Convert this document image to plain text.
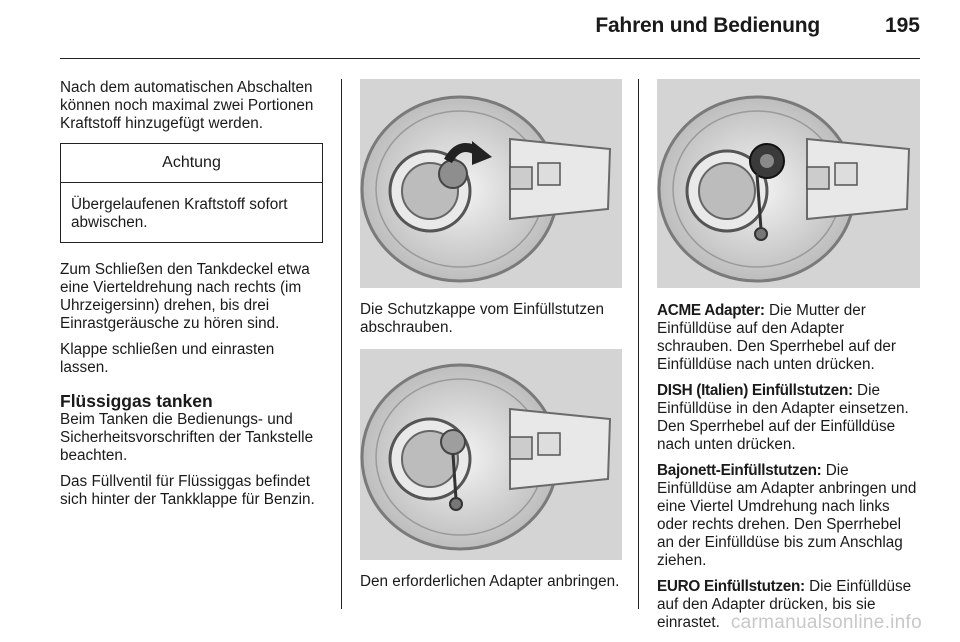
Fahren und Bedienung	195

Nach dem automatischen Abschalten können noch maximal zwei Portionen Kraftstoff hinzugefügt werden.

Achtung
Übergelaufenen Kraftstoff sofort abwischen.

Zum Schließen den Tankdeckel etwa eine Vierteldrehung nach rechts (im Uhrzeigersinn) drehen, bis drei Einrastgeräusche zu hören sind.

Klappe schließen und einrasten lassen.

Flüssiggas tanken

Beim Tanken die Bedienungs- und Sicherheitsvorschriften der Tankstelle beachten.

Das Füllventil für Flüssiggas befindet sich hinter der Tankklappe für Benzin.

Die Schutzkappe vom Einfüllstutzen abschrauben.

Den erforderlichen Adapter anbringen.

ACME Adapter: Die Mutter der Einfülldüse auf den Adapter schrauben. Den Sperrhebel auf der Einfülldüse nach unten drücken.

DISH (Italien) Einfüllstutzen: Die Einfülldüse in den Adapter einsetzen. Den Sperrhebel auf der Einfülldüse nach unten drücken.

Bajonett-Einfüllstutzen: Die Einfülldüse am Adapter anbringen und eine Viertel Umdrehung nach links oder rechts drehen. Den Sperrhebel an der Einfülldüse bis zum Anschlag ziehen.

EURO Einfüllstutzen: Die Einfülldüse auf den Adapter drücken, bis sie einrastet. carmanualsonline.info
